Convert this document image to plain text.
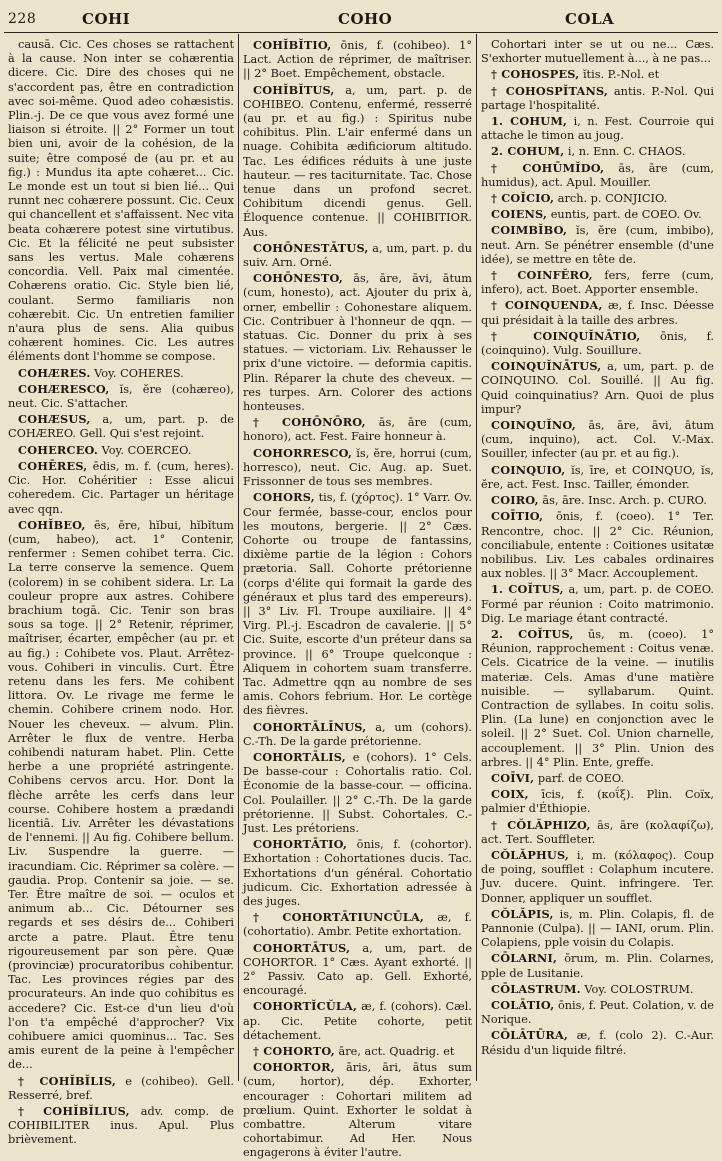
228	COHI	COHO	COLA

causā. Cic. Ces choses se rattachent à la cause. Non inter se cohærentia dicere. Cic. Dire des choses qui ne s'accordent pas, être en contradiction avec soi-même. Quod adeo cohæsistis. Plin.-j. De ce que vous avez formé une liaison si étroite. || 2° Former un tout bien uni, avoir de la cohésion, de la suite; être composé de (au pr. et au fig.) : Mundus ita apte cohæret... Cic. Le monde est un tout si bien lié... Qui runnt nec cohærere possunt. Cic. Ceux qui chancellent et s'affaissent. Nec vita beata cohærere potest sine virtutibus. Cic. Et la félicité ne peut subsister sans les vertus. Male cohærens concordia. Vell. Paix mal cimentée. Cohærens oratio. Cic. Style bien lié, coulant. Sermo familiaris non cohærebit. Cic. Un entretien familier n'aura plus de sens. Alia quibus cohærent homines. Cic. Les autres éléments dont l'homme se compose.

COHÆRES. Voy. COHERES.

COHÆRESCO, ĭs, ĕre (cohæreo), neut. Cic. S'attacher.

COHÆSUS, a, um, part. p. de COHÆREO. Gell. Qui s'est rejoint.

COHERCEO. Voy. COERCEO.

COHĒRES, ēdis, m. f. (cum, heres). Cic. Hor. Cohéritier : Esse alicui coheredem. Cic. Partager un héritage avec qqn.

COHĬBEO, ēs, ēre, hĭbui, hĭbĭtum (cum, habeo), act. 1° Contenir, renfermer : Semen cohibet terra. Cic. La terre conserve la semence. Quem (colorem) in se cohibent sidera. Lr. La couleur propre aux astres. Cohibere brachium togā. Cic. Tenir son bras sous sa toge. || 2° Retenir, réprimer, maîtriser, écarter, empêcher (au pr. et au fig.) : Cohibete vos. Plaut. Arrêtez-vous. Cohiberi in vinculis. Curt. Être retenu dans les fers. Me cohibent littora. Ov. Le rivage me ferme le chemin. Cohibere crinem nodo. Hor. Nouer les cheveux. — alvum. Plin. Arrêter le flux de ventre. Herba cohibendi naturam habet. Plin. Cette herbe a une propriété astringente. Cohibens cervos arcu. Hor. Dont la flèche arrête les cerfs dans leur course. Cohibere hostem a prædandi licentiā. Liv. Arrêter les dévastations de l'ennemi. || Au fig. Cohibere bellum. Liv. Suspendre la guerre. — iracundiam. Cic. Réprimer sa colère. — gaudia. Prop. Contenir sa joie. — se. Ter. Être maître de soi. — oculos et animum ab... Cic. Détourner ses regards et ses désirs de... Cohiberi arcte a patre. Plaut. Être tenu rigoureusement par son père. Quæ (provinciæ) procuratoribus cohibentur. Tac. Les provinces régies par des procurateurs. An inde quo cohibitus es accedere? Cic. Est-ce d'un lieu d'où l'on t'a empêché d'approcher? Vix cohibuere amici quominus... Tac. Ses amis eurent de la peine à l'empêcher de...

† COHĬBĬLIS, e (cohibeo). Gell. Resserré, bref.

† COHĬBĬLIUS, adv. comp. de COHIBILITER inus. Apul. Plus brièvement.

COHĬBĬTIO, ōnis, f. (cohibeo). 1° Lact. Action de réprimer, de maîtriser. || 2° Boet. Empêchement, obstacle.

COHĬBĬTUS, a, um, part. p. de COHIBEO. Contenu, enfermé, resserré (au pr. et au fig.) : Spiritus nube cohibitus. Plin. L'air enfermé dans un nuage. Cohibita ædificiorum altitudo. Tac. Les édifices réduits à une juste hauteur. — res taciturnitate. Tac. Chose tenue dans un profond secret. Cohibitum dicendi genus. Gell. Éloquence contenue. || COHIBITIOR. Aus.

COHŌNESTĀTUS, a, um, part. p. du suiv. Arn. Orné.

COHŌNESTO, ās, āre, āvi, ātum (cum, honesto), act. Ajouter du prix à, orner, embellir : Cohonestare aliquem. Cic. Contribuer à l'honneur de qqn. — statuas. Cic. Donner du prix à ses statues. — victoriam. Liv. Rehausser le prix d'une victoire. — deformia capitis. Plin. Réparer la chute des cheveux. — res turpes. Arn. Colorer des actions honteuses.

† COHŌNŌRO, ās, āre (cum, honoro), act. Fest. Faire honneur à.

COHORRESCO, ĭs, ĕre, horrui (cum, horresco), neut. Cic. Aug. ap. Suet. Frissonner de tous ses membres.

COHORS, tis, f. (χόρτος). 1° Varr. Ov. Cour fermée, basse-cour, enclos pour les moutons, bergerie. || 2° Cæs. Cohorte ou troupe de fantassins, dixième partie de la légion : Cohors prætoria. Sall. Cohorte prétorienne (corps d'élite qui formait la garde des généraux et plus tard des empereurs). || 3° Liv. Fl. Troupe auxiliaire. || 4° Virg. Pl.-j. Escadron de cavalerie. || 5° Cic. Suite, escorte d'un préteur dans sa province. || 6° Troupe quelconque : Aliquem in cohortem suam transferre. Tac. Admettre qqn au nombre de ses amis. Cohors febrium. Hor. Le cortège des fièvres.

COHORTĀLĪNUS, a, um (cohors). C.-Th. De la garde prétorienne.

COHORTĀLIS, e (cohors). 1° Cels. De basse-cour : Cohortalis ratio. Col. Économie de la basse-cour. — officina. Col. Poulailler. || 2° C.-Th. De la garde prétorienne. || Subst. Cohortales. C.-Just. Les prétoriens.

COHORTĀTIO, ōnis, f. (cohortor). Exhortation : Cohortationes ducis. Tac. Exhortations d'un général. Cohortatio judicum. Cic. Exhortation adressée à des juges.

† COHORTĀTIUNCŪLA, æ, f. (cohortatio). Ambr. Petite exhortation.

COHORTĀTUS, a, um, part. de COHORTOR. 1° Cæs. Ayant exhorté. || 2° Passiv. Cato ap. Gell. Exhorté, encouragé.

COHORTĬCŬLA, æ, f. (cohors). Cæl. ap. Cic. Petite cohorte, petit détachement.

† COHORTO, āre, act. Quadrig. et

COHORTOR, āris, āri, ātus sum (cum, hortor), dép. Exhorter, encourager : Cohortari militem ad prœlium. Quint. Exhorter le soldat à combattre. Alterum vitare cohortabimur. Ad Her. Nous engagerons à éviter l'autre.

Cohortari inter se ut ou ne... Cæs. S'exhorter mutuellement à..., à ne pas...

† COHOSPES, ĭtis. P.-Nol. et

† COHOSPĬTANS, antis. P.-Nol. Qui partage l'hospitalité.

1. COHUM, i, n. Fest. Courroie qui attache le timon au joug.

2. COHUM, i, n. Enn. C. CHAOS.

† COHŪMĬDO, ās, āre (cum, humidus), act. Apul. Mouiller.

† COĬCIO, arch. p. CONJICIO.

COIENS, euntis, part. de COEO. Ov.

COIMBĬBO, ĭs, ĕre (cum, imbibo), neut. Arn. Se pénétrer ensemble (d'une idée), se mettre en tête de.

† COINFĔRO, fers, ferre (cum, infero), act. Boet. Apporter ensemble.

† COINQUENDA, æ, f. Insc. Déesse qui présidait à la taille des arbres.

† COINQUĬNĀTIO, ōnis, f. (coinquino). Vulg. Souillure.

COINQUĬNĀTUS, a, um, part. p. de COINQUINO. Col. Souillé. || Au fig. Quid coinquinatius? Arn. Quoi de plus impur?

COINQUĬNO, ās, āre, āvi, ātum (cum, inquino), act. Col. V.-Max. Souiller, infecter (au pr. et au fig.).

COINQUIO, ĭs, īre, et COINQUO, ĭs, ĕre, act. Fest. Insc. Tailler, émonder.

COIRO, ās, āre. Insc. Arch. p. CURO.

COĪTIO, ōnis, f. (coeo). 1° Ter. Rencontre, choc. || 2° Cic. Réunion, conciliabule, entente : Coitiones usitatæ nobilibus. Liv. Les cabales ordinaires aux nobles. || 3° Macr. Accouplement.

1. COĬTUS, a, um, part. p. de COEO. Formé par réunion : Coito matrimonio. Dig. Le mariage étant contracté.

2. COĬTUS, ūs, m. (coeo). 1° Réunion, rapprochement : Coitus venæ. Cels. Cicatrice de la veine. — inutilis materiæ. Cels. Amas d'une matière nuisible. — syllabarum. Quint. Contraction de syllabes. In coitu solis. Plin. (La lune) en conjonction avec le soleil. || 2° Suet. Col. Union charnelle, accouplement. || 3° Plin. Union des arbres. || 4° Plin. Ente, greffe.

COĪVI, parf. de COEO.

COIX, īcis, f. (κοΐξ). Plin. Coïx, palmier d'Éthiopie.

† CŎLĂPHIZO, ās, āre (κολαφίζω), act. Tert. Souffleter.

CŎLĂPHUS, i, m. (κόλαφος). Coup de poing, soufflet : Colaphum incutere. Juv. ducere. Quint. infringere. Ter. Donner, appliquer un soufflet.

CŎLĂPIS, is, m. Plin. Colapis, fl. de Pannonie (Culpa). || — IANI, orum. Plin. Colapiens, pple voisin du Colapis.

CŌLARNI, ōrum, m. Plin. Colarnes, pple de Lusitanie.

CŌLASTRUM. Voy. COLOSTRUM.

COLĀTIO, ōnis, f. Peut. Colation, v. de Norique.

CŌLĀTŪRA, æ, f. (colo 2). C.-Aur. Résidu d'un liquide filtré.
